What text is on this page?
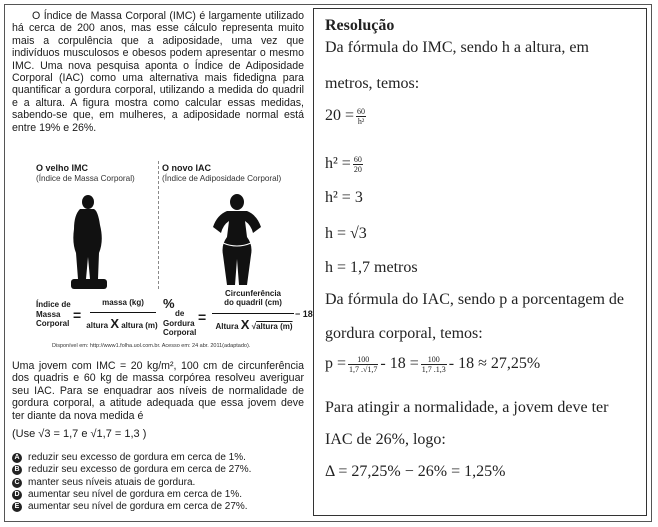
O Índice de Massa Corporal (IMC) é largamente utilizado há cerca de 200 anos, mas esse cálculo representa muito mais a corpulência que a adiposidade, uma vez que indivíduos musculosos e obesos podem apresentar o mesmo IMC. Uma nova pesquisa aponta o Índice de Adiposidade Corporal (IAC) como uma alternativa mais fidedigna para quantificar a gordura corporal, utilizando a medida do quadril e a altura. A figura mostra como calcular essas medidas, sabendo-se que, em mulheres, a adiposidade normal está entre 19% e 26%.

O velho IMC
(Índice de Massa Corporal)
O novo IAC
(Índice de Adiposidade Corporal)
Índice de
Massa
Corporal
=
massa (kg)
altura X altura (m)
%
de
Gordura
Corporal
=
Circunferência
do quadril (cm)
Altura X √altura (m)
− 18
Disponível em: http://www1.folha.uol.com.br. Acesso em: 24 abr. 2011(adaptado).
Uma jovem com IMC = 20 kg/m², 100 cm de circunferência dos quadris e 60 kg de massa corpórea resolveu averiguar seu IAC. Para se enquadrar aos níveis de normalidade de gordura corporal, a atitude adequada que essa jovem deve ter diante da nova medida é
(Use √3 = 1,7 e √1,7 = 1,3 )
A reduzir seu excesso de gordura em cerca de 1%.
B reduzir seu excesso de gordura em cerca de 27%.
C manter seus níveis atuais de gordura.
D aumentar seu nível de gordura em cerca de 1%.
E aumentar seu nível de gordura em cerca de 27%.
Resolução
Da fórmula do IMC, sendo h a altura, em
metros, temos:
$20 = \frac{60}{\text{h²}}$
$h^2 = \frac{60}{20}$
h² = 3
h = √3
h = 1,7 metros
Da fórmula do IAC, sendo p a porcentagem de
gordura corporal, temos:
$p = \frac{100}{1,7 .√1,7} - 18 = \frac{100}{1,7 .1,3} - 18 \approx 27,25\%$
Para atingir a normalidade, a jovem deve ter
IAC de 26%, logo:
Δ = 27,25% − 26% = 1,25%
